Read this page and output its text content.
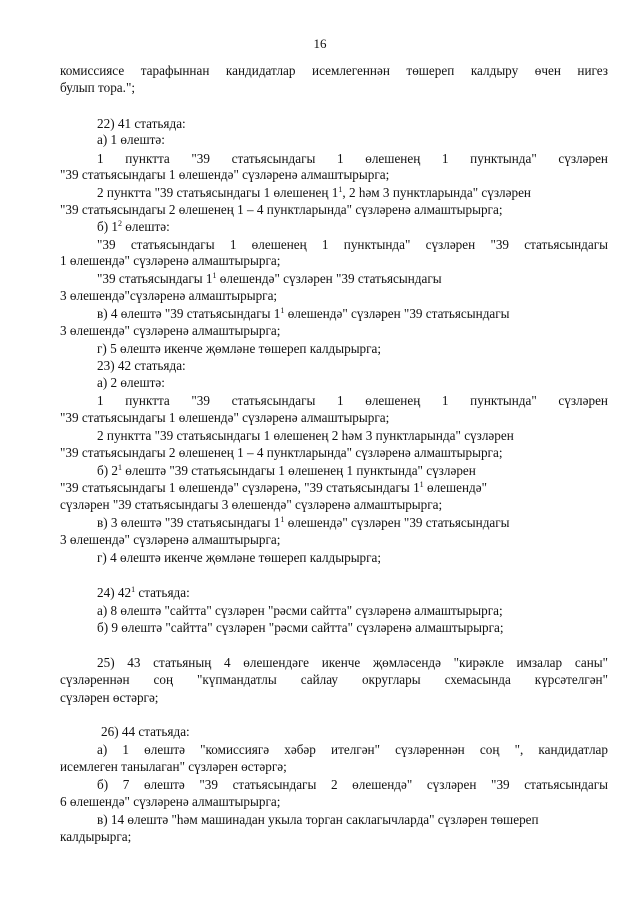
16
комиссиясе тарафыннан кандидатлар исемлегеннән төшереп калдыру өчен нигез
булып тора.";
22) 41 статьяда:
а) 1 өлештә:
1 пунктта "39 статьясындагы 1 өлешенең 1 пунктында" сүзләрен
"39 статьясындагы 1 өлешендә" сүзләренә алмаштырырга;
2 пунктта "39 статьясындагы 1 өлешенең $1^1$, 2 һәм 3 пунктларында" сүзләрен
"39 статьясындагы 2 өлешенең 1 – 4 пунктларында" сүзләренә алмаштырырга;
б) $1^2$ өлештә:
"39 статьясындагы 1 өлешенең 1 пунктында" сүзләрен "39 статьясындагы
1 өлешендә" сүзләренә алмаштырырга;
"39 статьясындагы $1^1$ өлешендә" сүзләрен "39 статьясындагы
3 өлешендә"сүзләренә алмаштырырга;
в) 4 өлештә "39 статьясындагы $1^1$ өлешендә" сүзләрен "39 статьясындагы
3 өлешендә" сүзләренә алмаштырырга;
г) 5 өлештә икенче җөмләне төшереп калдырырга;
23) 42 статьяда:
а) 2 өлештә:
1 пунктта "39 статьясындагы 1 өлешенең 1 пунктында" сүзләрен
"39 статьясындагы 1 өлешендә" сүзләренә алмаштырырга;
2 пунктта "39 статьясындагы 1 өлешенең 2 һәм 3 пунктларында" сүзләрен
"39 статьясындагы 2 өлешенең 1 – 4 пунктларында" сүзләренә алмаштырырга;
б) $2^1$ өлештә "39 статьясындагы 1 өлешенең 1 пунктында" сүзләрен
"39 статьясындагы 1 өлешендә" сүзләренә, "39 статьясындагы $1^1$ өлешендә"
сүзләрен "39 статьясындагы 3 өлешендә" сүзләренә алмаштырырга;
в) 3 өлештә "39 статьясындагы $1^1$ өлешендә" сүзләрен "39 статьясындагы
3 өлешендә" сүзләренә алмаштырырга;
г) 4 өлештә икенче җөмләне төшереп калдырырга;
24) $42^1$ статьяда:
а) 8 өлештә "сайтта" сүзләрен "рәсми сайтта" сүзләренә алмаштырырга;
б) 9 өлештә "сайтта" сүзләрен "рәсми сайтта" сүзләренә алмаштырырга;
25) 43 статьяның 4 өлешендәге икенче җөмләсендә "кирәкле имзалар саны"
сүзләреннән соң "күпмандатлы сайлау округлары схемасында күрсәтелгән"
сүзләрен өстәргә;
26) 44 статьяда:
а) 1 өлештә "комиссиягә хәбәр ителгән" сүзләреннән соң ", кандидатлар
исемлеген танылаган" сүзләрен өстәргә;
б) 7 өлештә "39 статьясындагы 2 өлешендә" сүзләрен "39 статьясындагы
6 өлешендә" сүзләренә алмаштырырга;
в) 14 өлештә "һәм машинадан укыла торган саклагычларда" сүзләрен төшереп
калдырырга;
